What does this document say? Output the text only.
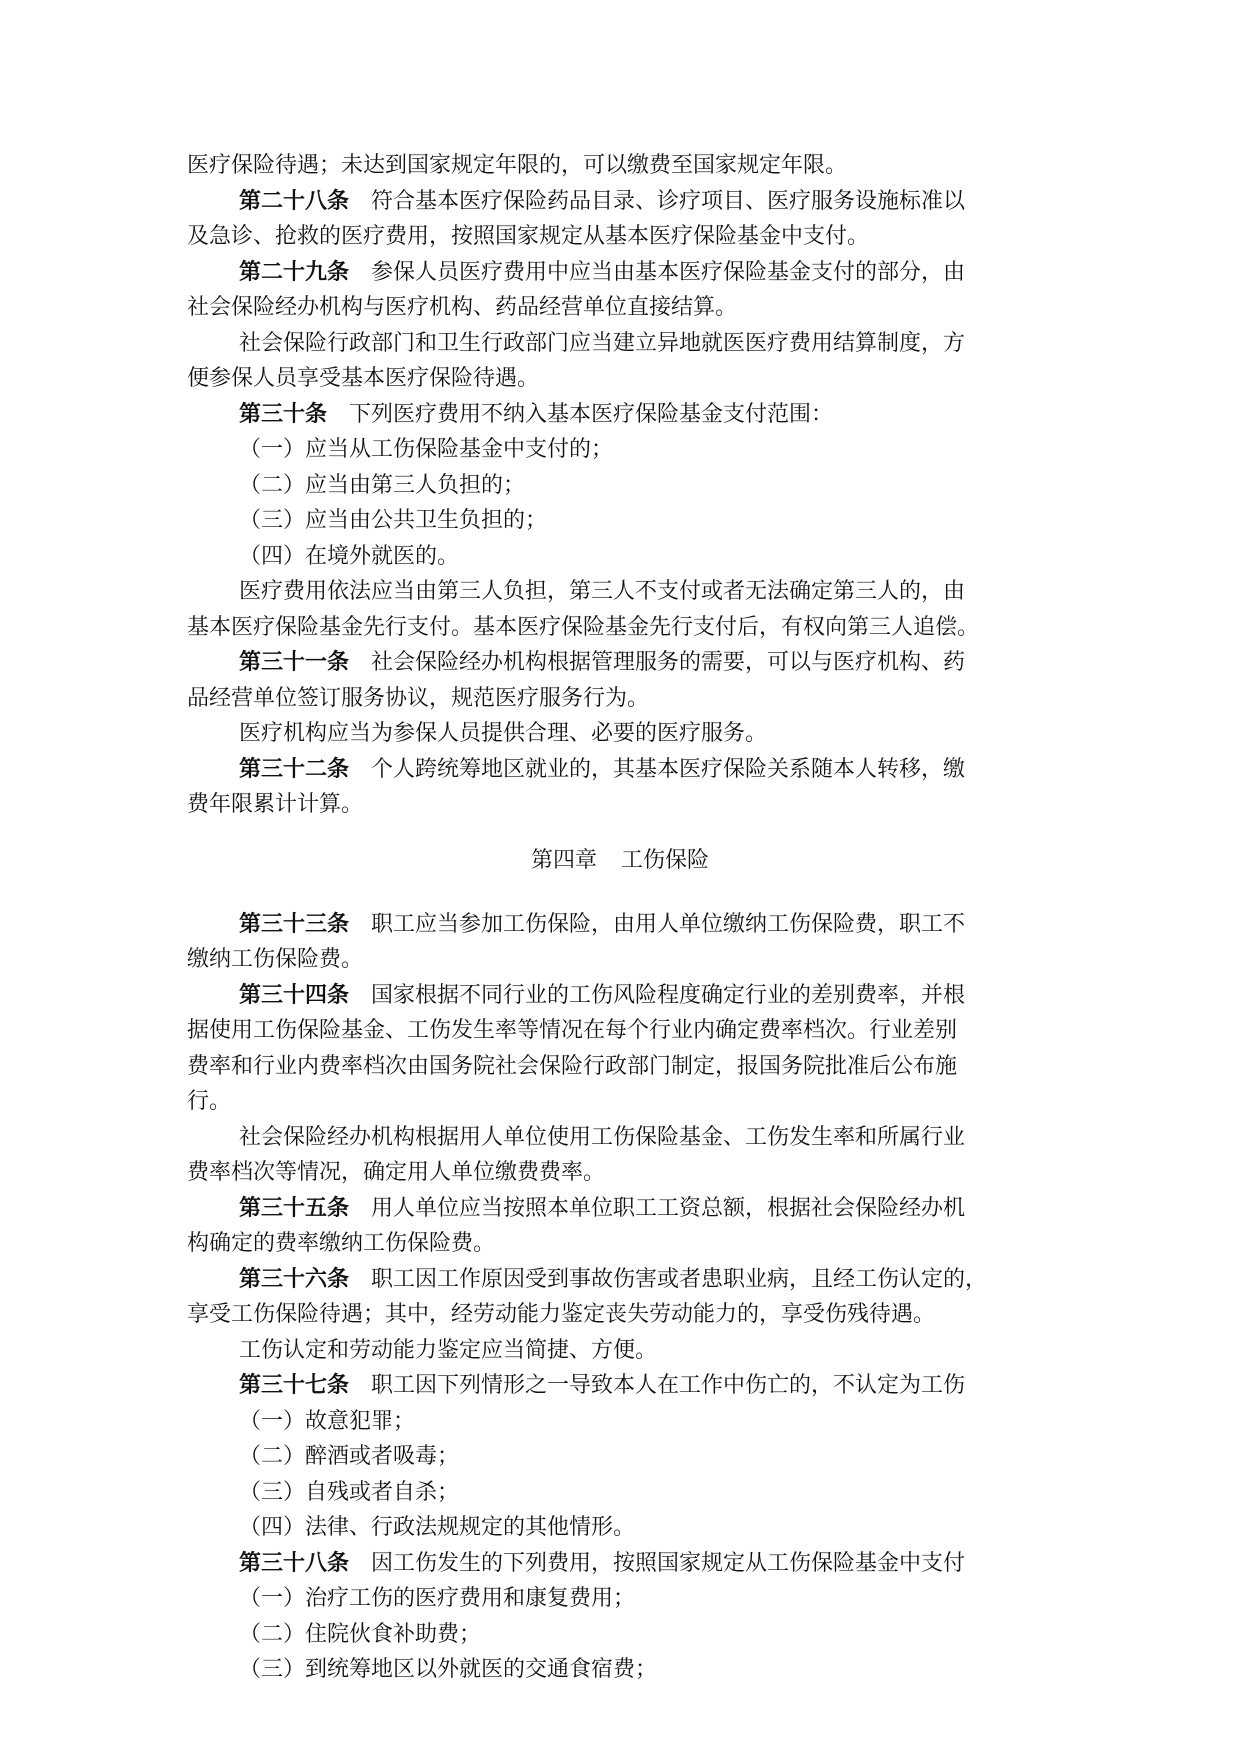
医疗保险待遇；未达到国家规定年限的，可以缴费至国家规定年限。
第二十八条 符合基本医疗保险药品目录、诊疗项目、医疗服务设施标准以
及急诊、抢救的医疗费用，按照国家规定从基本医疗保险基金中支付。
第二十九条 参保人员医疗费用中应当由基本医疗保险基金支付的部分，由
社会保险经办机构与医疗机构、药品经营单位直接结算。
社会保险行政部门和卫生行政部门应当建立异地就医医疗费用结算制度，方
便参保人员享受基本医疗保险待遇。
第三十条 下列医疗费用不纳入基本医疗保险基金支付范围：
（一）应当从工伤保险基金中支付的；
（二）应当由第三人负担的；
（三）应当由公共卫生负担的；
（四）在境外就医的。
医疗费用依法应当由第三人负担，第三人不支付或者无法确定第三人的，由
基本医疗保险基金先行支付。基本医疗保险基金先行支付后，有权向第三人追偿。
第三十一条 社会保险经办机构根据管理服务的需要，可以与医疗机构、药
品经营单位签订服务协议，规范医疗服务行为。
医疗机构应当为参保人员提供合理、必要的医疗服务。
第三十二条 个人跨统筹地区就业的，其基本医疗保险关系随本人转移，缴
费年限累计计算。
第四章 工伤保险
第三十三条 职工应当参加工伤保险，由用人单位缴纳工伤保险费，职工不
缴纳工伤保险费。
第三十四条 国家根据不同行业的工伤风险程度确定行业的差别费率，并根
据使用工伤保险基金、工伤发生率等情况在每个行业内确定费率档次。行业差别
费率和行业内费率档次由国务院社会保险行政部门制定，报国务院批准后公布施
行。
社会保险经办机构根据用人单位使用工伤保险基金、工伤发生率和所属行业
费率档次等情况，确定用人单位缴费费率。
第三十五条 用人单位应当按照本单位职工工资总额，根据社会保险经办机
构确定的费率缴纳工伤保险费。
第三十六条 职工因工作原因受到事故伤害或者患职业病，且经工伤认定的，
享受工伤保险待遇；其中，经劳动能力鉴定丧失劳动能力的，享受伤残待遇。
工伤认定和劳动能力鉴定应当简捷、方便。
第三十七条 职工因下列情形之一导致本人在工作中伤亡的，不认定为工伤
（一）故意犯罪；
（二）醉酒或者吸毒；
（三）自残或者自杀；
（四）法律、行政法规规定的其他情形。
第三十八条 因工伤发生的下列费用，按照国家规定从工伤保险基金中支付
（一）治疗工伤的医疗费用和康复费用；
（二）住院伙食补助费；
（三）到统筹地区以外就医的交通食宿费；
